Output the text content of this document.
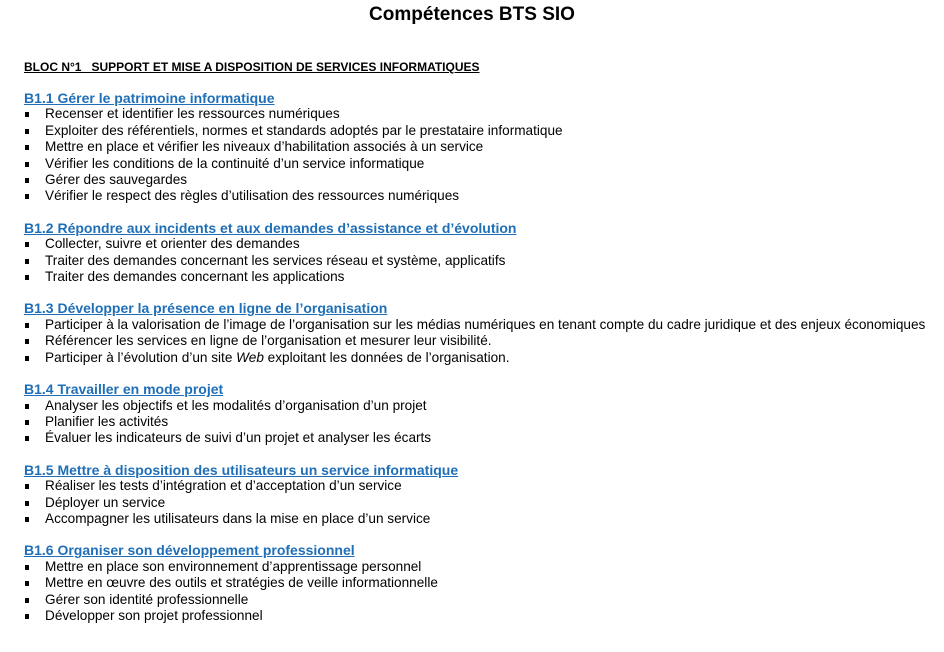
Compétences BTS SIO
BLOC N°1   SUPPORT ET MISE A DISPOSITION DE SERVICES INFORMATIQUES
B1.1 Gérer le patrimoine informatique
Recenser et identifier les ressources numériques
Exploiter des référentiels, normes et standards adoptés par le prestataire informatique
Mettre en place et vérifier les niveaux d’habilitation associés à un service
Vérifier les conditions de la continuité d’un service informatique
Gérer des sauvegardes
Vérifier le respect des règles d’utilisation des ressources numériques
B1.2 Répondre aux incidents et aux demandes d’assistance et d’évolution
Collecter, suivre et orienter des demandes
Traiter des demandes concernant les services réseau et système, applicatifs
Traiter des demandes concernant les applications
B1.3 Développer la présence en ligne de l’organisation
Participer à la valorisation de l’image de l’organisation sur les médias numériques en tenant compte du cadre juridique et des enjeux économiques
Référencer les services en ligne de l’organisation et mesurer leur visibilité.
Participer à l’évolution d’un site Web exploitant les données de l’organisation.
B1.4 Travailler en mode projet
Analyser les objectifs et les modalités d’organisation d’un projet
Planifier les activités
Évaluer les indicateurs de suivi d’un projet et analyser les écarts
B1.5 Mettre à disposition des utilisateurs un service informatique
Réaliser les tests d’intégration et d’acceptation d’un service
Déployer un service
Accompagner les utilisateurs dans la mise en place d’un service
B1.6 Organiser son développement professionnel
Mettre en place son environnement d’apprentissage personnel
Mettre en œuvre des outils et stratégies de veille informationnelle
Gérer son identité professionnelle
Développer son projet professionnel
